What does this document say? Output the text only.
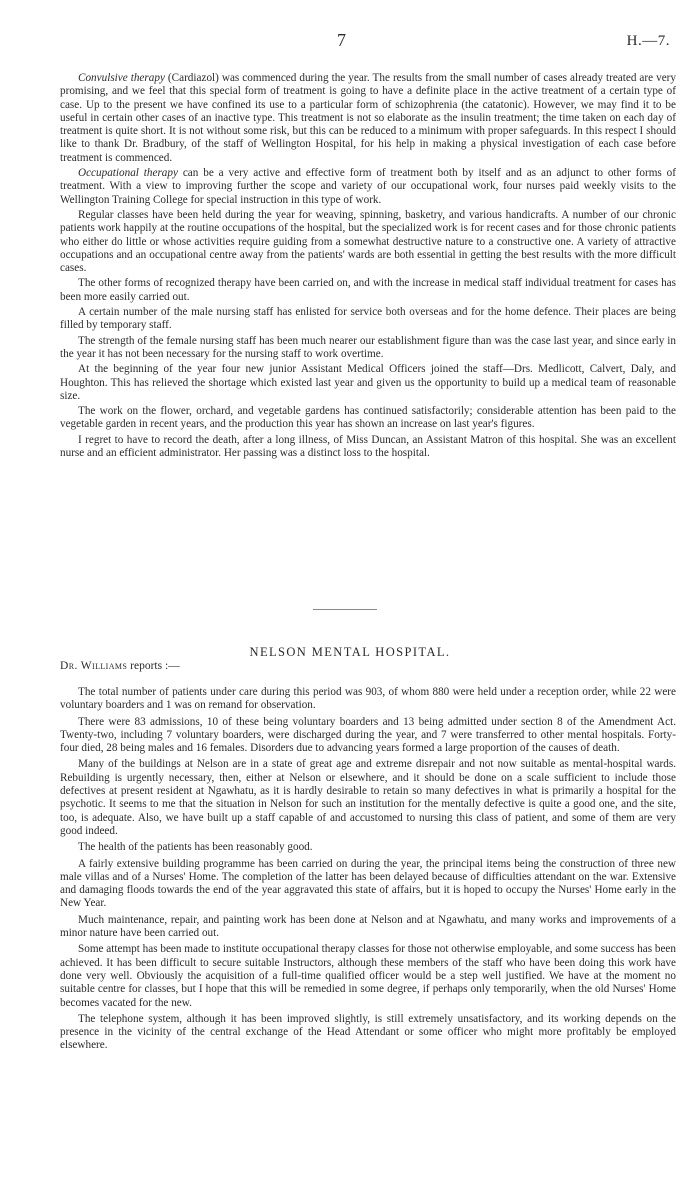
7	H.—7.

Convulsive therapy (Cardiazol) was commenced during the year. The results from the small number of cases already treated are very promising, and we feel that this special form of treatment is going to have a definite place in the active treatment of a certain type of case. Up to the present we have confined its use to a particular form of schizophrenia (the catatonic). However, we may find it to be useful in certain other cases of an inactive type. This treatment is not so elaborate as the insulin treatment; the time taken on each day of treatment is quite short. It is not without some risk, but this can be reduced to a minimum with proper safeguards. In this respect I should like to thank Dr. Bradbury, of the staff of Wellington Hospital, for his help in making a physical investigation of each case before treatment is commenced.

Occupational therapy can be a very active and effective form of treatment both by itself and as an adjunct to other forms of treatment. With a view to improving further the scope and variety of our occupational work, four nurses paid weekly visits to the Wellington Training College for special instruction in this type of work.

Regular classes have been held during the year for weaving, spinning, basketry, and various handicrafts. A number of our chronic patients work happily at the routine occupations of the hospital, but the specialized work is for recent cases and for those chronic patients who either do little or whose activities require guiding from a somewhat destructive nature to a constructive one. A variety of attractive occupations and an occupational centre away from the patients' wards are both essential in getting the best results with the more difficult cases.

The other forms of recognized therapy have been carried on, and with the increase in medical staff individual treatment for cases has been more easily carried out.

A certain number of the male nursing staff has enlisted for service both overseas and for the home defence. Their places are being filled by temporary staff.

The strength of the female nursing staff has been much nearer our establishment figure than was the case last year, and since early in the year it has not been necessary for the nursing staff to work overtime.

At the beginning of the year four new junior Assistant Medical Officers joined the staff—Drs. Medlicott, Calvert, Daly, and Houghton. This has relieved the shortage which existed last year and given us the opportunity to build up a medical team of reasonable size.

The work on the flower, orchard, and vegetable gardens has continued satisfactorily; considerable attention has been paid to the vegetable garden in recent years, and the production this year has shown an increase on last year's figures.

I regret to have to record the death, after a long illness, of Miss Duncan, an Assistant Matron of this hospital. She was an excellent nurse and an efficient administrator. Her passing was a distinct loss to the hospital.

NELSON MENTAL HOSPITAL.
Dr. Williams reports :—

The total number of patients under care during this period was 903, of whom 880 were held under a reception order, while 22 were voluntary boarders and 1 was on remand for observation.

There were 83 admissions, 10 of these being voluntary boarders and 13 being admitted under section 8 of the Amendment Act. Twenty-two, including 7 voluntary boarders, were discharged during the year, and 7 were transferred to other mental hospitals. Forty-four died, 28 being males and 16 females. Disorders due to advancing years formed a large proportion of the causes of death.

Many of the buildings at Nelson are in a state of great age and extreme disrepair and not now suitable as mental-hospital wards. Rebuilding is urgently necessary, then, either at Nelson or elsewhere, and it should be done on a scale sufficient to include those defectives at present resident at Ngawhatu, as it is hardly desirable to retain so many defectives in what is primarily a hospital for the psychotic. It seems to me that the situation in Nelson for such an institution for the mentally defective is quite a good one, and the site, too, is adequate. Also, we have built up a staff capable of and accustomed to nursing this class of patient, and some of them are very good indeed.

The health of the patients has been reasonably good.

A fairly extensive building programme has been carried on during the year, the principal items being the construction of three new male villas and of a Nurses' Home. The completion of the latter has been delayed because of difficulties attendant on the war. Extensive and damaging floods towards the end of the year aggravated this state of affairs, but it is hoped to occupy the Nurses' Home early in the New Year.

Much maintenance, repair, and painting work has been done at Nelson and at Ngawhatu, and many works and improvements of a minor nature have been carried out.

Some attempt has been made to institute occupational therapy classes for those not otherwise employable, and some success has been achieved. It has been difficult to secure suitable Instructors, although these members of the staff who have been doing this work have done very well. Obviously the acquisition of a full-time qualified officer would be a step well justified. We have at the moment no suitable centre for classes, but I hope that this will be remedied in some degree, if perhaps only temporarily, when the old Nurses' Home becomes vacated for the new.

The telephone system, although it has been improved slightly, is still extremely unsatisfactory, and its working depends on the presence in the vicinity of the central exchange of the Head Attendant or some officer who might more profitably be employed elsewhere.
